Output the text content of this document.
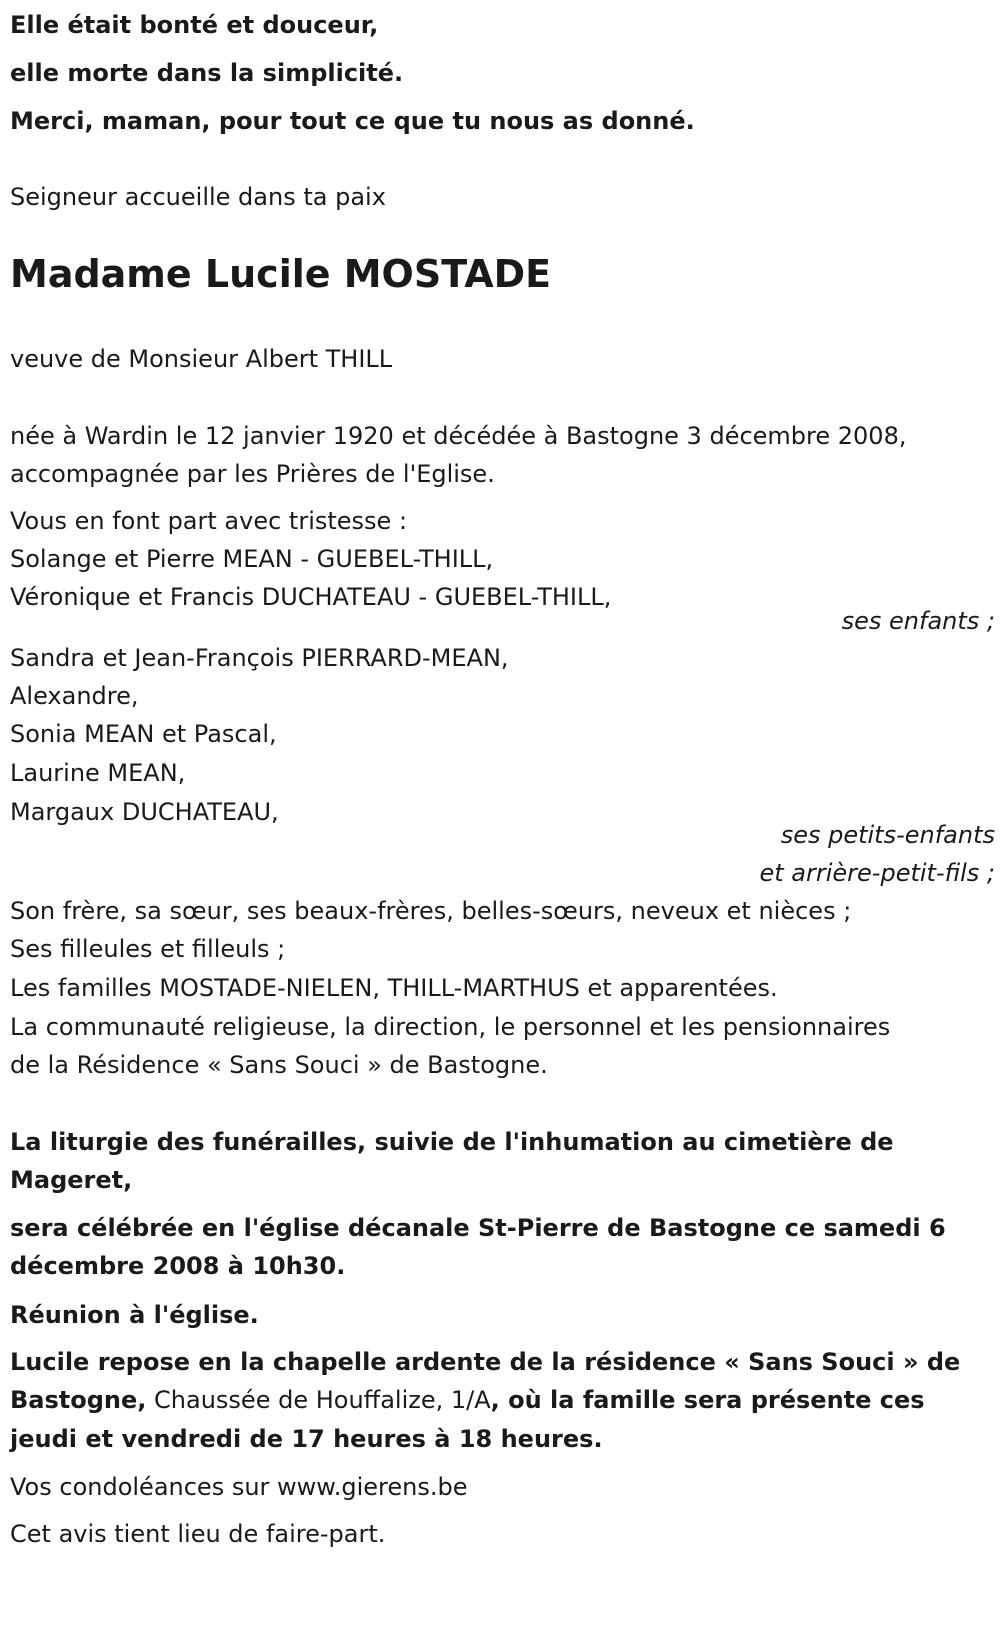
Elle était bonté et douceur,
elle morte dans la simplicité.
Merci, maman, pour tout ce que tu nous as donné.
Seigneur accueille dans ta paix
Madame Lucile MOSTADE
veuve de Monsieur Albert THILL
née à Wardin le 12 janvier 1920 et décédée à Bastogne 3 décembre 2008,
accompagnée par les Prières de l'Eglise.
Vous en font part avec tristesse :
Solange et Pierre MEAN - GUEBEL-THILL,
Véronique et Francis DUCHATEAU - GUEBEL-THILL,
ses enfants ;
Sandra et Jean-François PIERRARD-MEAN,
Alexandre,
Sonia MEAN et Pascal,
Laurine MEAN,
Margaux DUCHATEAU,
ses petits-enfants
et arrière-petit-fils ;
Son frère, sa sœur, ses beaux-frères, belles-sœurs, neveux et nièces ;
Ses filleules et filleuls ;
Les familles MOSTADE-NIELEN, THILL-MARTHUS et apparentées.
La communauté religieuse, la direction, le personnel et les pensionnaires
de la Résidence « Sans Souci » de Bastogne.
La liturgie des funérailles, suivie de l'inhumation au cimetière de
Mageret,
sera célébrée en l'église décanale St-Pierre de Bastogne ce samedi 6
décembre 2008 à 10h30.
Réunion à l'église.
Lucile repose en la chapelle ardente de la résidence « Sans Souci » de
Bastogne, Chaussée de Houffalize, 1/A, où la famille sera présente ces
jeudi et vendredi de 17 heures à 18 heures.
Vos condoléances sur www.gierens.be
Cet avis tient lieu de faire-part.
